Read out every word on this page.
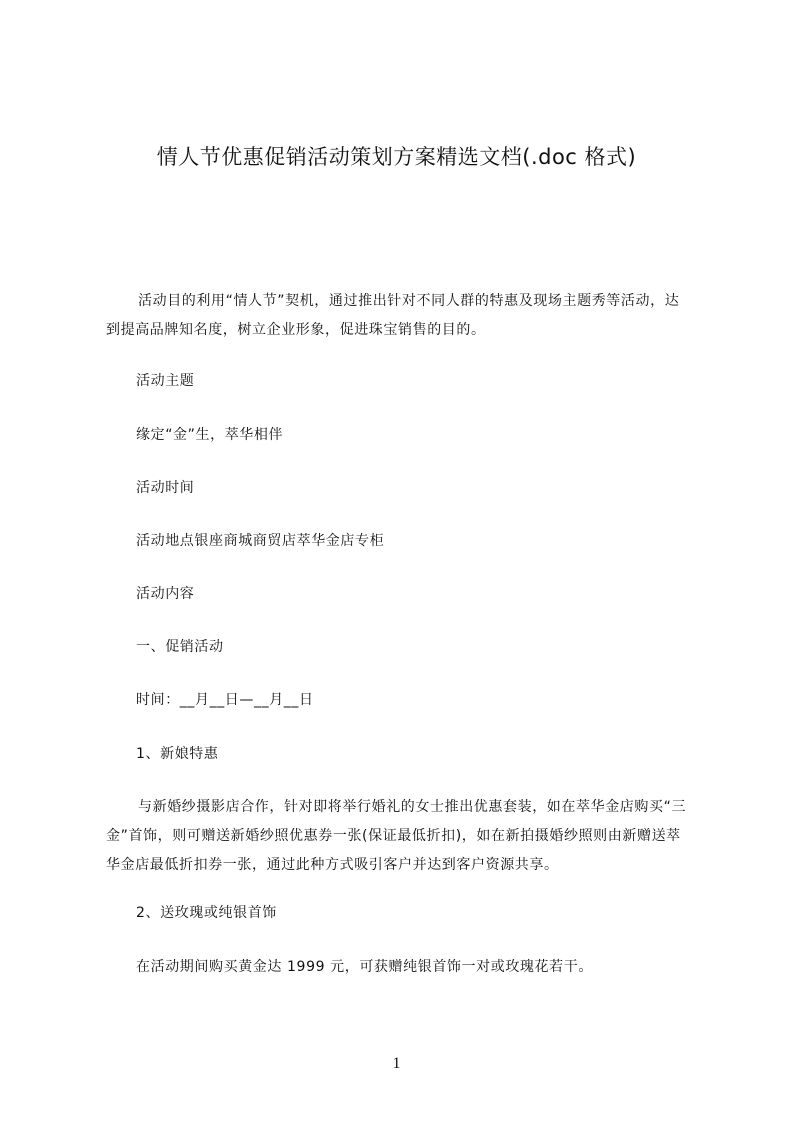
情人节优惠促销活动策划方案精选文档(.doc 格式)

活动目的利用“情人节”契机，通过推出针对不同人群的特惠及现场主题秀等活动，达到提高品牌知名度，树立企业形象，促进珠宝销售的目的。

活动主题
缘定“金”生，萃华相伴
活动时间
活动地点银座商城商贸店萃华金店专柜
活动内容
一、促销活动
时间：__月__日—__月__日
1、新娘特惠

与新婚纱摄影店合作，针对即将举行婚礼的女士推出优惠套装，如在萃华金店购买“三金”首饰，则可赠送新婚纱照优惠券一张(保证最低折扣)，如在新拍摄婚纱照则由新赠送萃华金店最低折扣券一张，通过此种方式吸引客户并达到客户资源共享。

2、送玫瑰或纯银首饰
在活动期间购买黄金达 1999 元，可获赠纯银首饰一对或玫瑰花若干。
1
